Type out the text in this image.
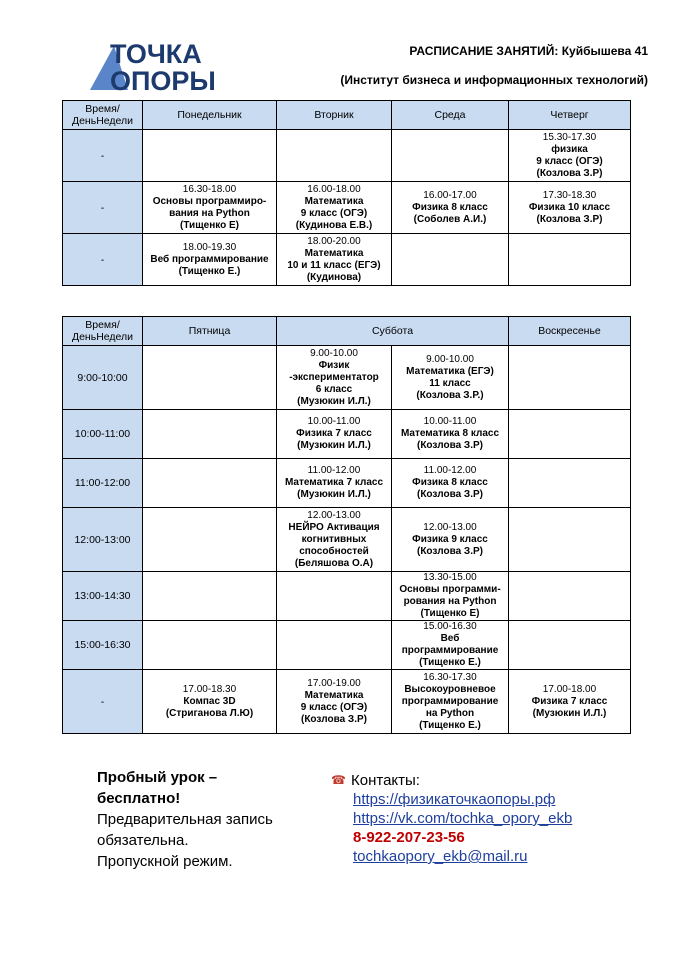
ТОЧКА
ОПОРЫ
РАСПИСАНИЕ ЗАНЯТИЙ: Куйбышева 41
(Институт бизнеса и информационных технологий)
Время/ДеньНедели	Понедельник	Вторник	Среда	Четверг
-				15.30-17.30
физика
9 класс (ОГЭ)
(Козлова З.Р)

-	16.30-18.00
Основы программиро-
вания на Python
(Тищенко Е)	16.00-18.00
Математика
9 класс (ОГЭ)
(Кудинова Е.В.)	16.00-17.00
Физика 8 класс
(Соболев А.И.)	17.30-18.30
Физика 10 класс
(Козлова З.Р)

-	18.00-19.30
Веб программирование
(Тищенко Е.)	18.00-20.00
Математика
10 и 11 класс (ЕГЭ)
(Кудинова)		

Время/ДеньНедели	Пятница	Суббота		Воскресенье
9:00-10:00		9.00-10.00
Физик
-экспериментатор
6 класс
(Музюкин И.Л.)	9.00-10.00
Математика (ЕГЭ)
11 класс
(Козлова З.Р.)	

10:00-11:00		10.00-11.00
Физика 7 класс
(Музюкин И.Л.)	10.00-11.00
Математика 8 класс
(Козлова З.Р)	

11:00-12:00		11.00-12.00
Математика 7 класс
(Музюкин И.Л.)	11.00-12.00
Физика 8 класс
(Козлова З.Р)	

12:00-13:00		12.00-13.00
НЕЙРО Активация
когнитивных
способностей
(Беляшова О.А)	12.00-13.00
Физика 9 класс
(Козлова З.Р)	

13:00-14:30			13.30-15.00
Основы программи-
рования на Python
(Тищенко Е)	

15:00-16:30			15.00-16.30
Веб
программирование
(Тищенко Е.)	

-	17.00-18.30
Компас 3D
(Стриганова Л.Ю)	17.00-19.00
Математика
9 класс (ОГЭ)
(Козлова З.Р)	16.30-17.30
Высокоуровневое
программирование
на Python
(Тищенко Е.)	17.00-18.00
Физика 7 класс
(Музюкин И.Л.)
Пробный урок –
бесплатно!
Предварительная запись
обязательна.
Пропускной режим.
☎ Контакты:
https://физикаточкаопоры.рф
https://vk.com/tochka_opory_ekb
8-922-207-23-56
tochkaopory_ekb@mail.ru
